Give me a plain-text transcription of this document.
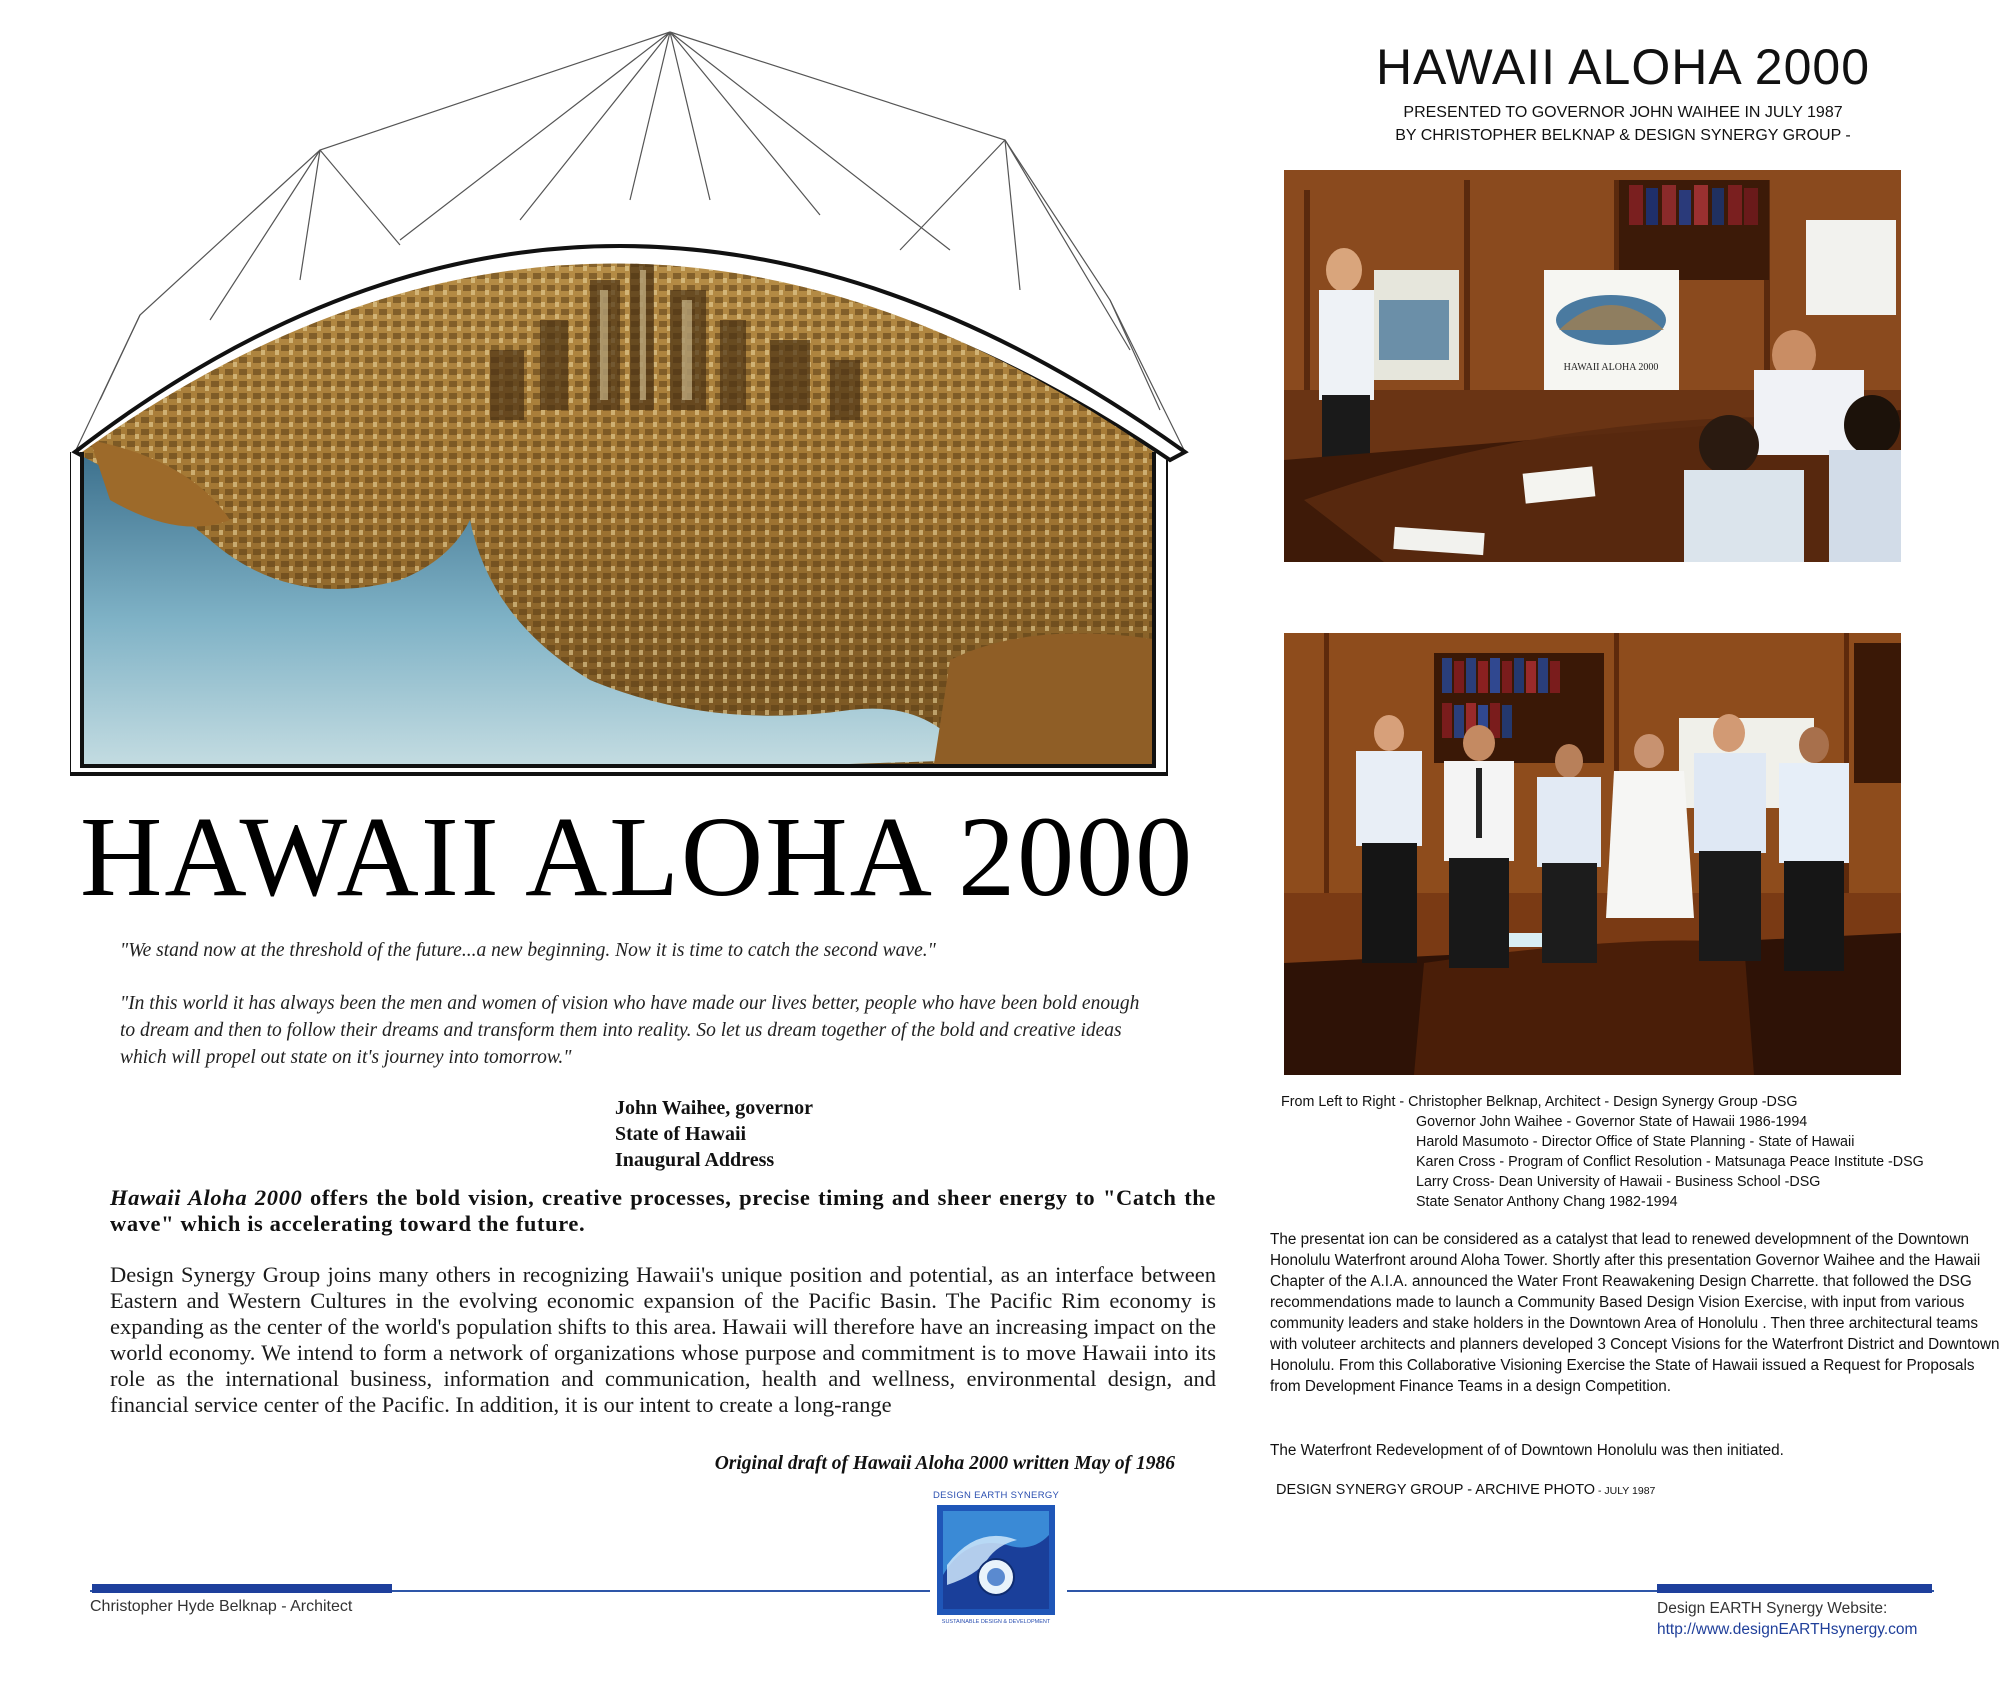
HAWAII ALOHA 2000
"We stand now at the threshold of the future...a new beginning. Now it is time to catch the second wave."
"In this world it has always been the men and women of vision who have made our lives better, people who have been bold enough to dream and then to follow their dreams and transform them into reality. So let us dream together of the bold and creative ideas which will propel out state on it's journey into tomorrow."
John Waihee, governor
State of Hawaii
Inaugural Address
Hawaii Aloha 2000 offers the bold vision, creative processes, precise timing and sheer energy to "Catch the wave" which is accelerating toward the future.
Design Synergy Group joins many others in recognizing Hawaii's unique position and potential, as an interface between Eastern and Western Cultures in the evolving economic expansion of the Pacific Basin. The Pacific Rim economy is expanding as the center of the world's population shifts to this area. Hawaii will therefore have an increasing impact on the world economy. We intend to form a network of organizations whose purpose and commitment is to move Hawaii into its role as the international business, information and communication, health and wellness, environmental design, and financial service center of the Pacific. In addition, it is our intent to create a long-range
Original draft of Hawaii Aloha 2000 written May of 1986
HAWAII ALOHA 2000
PRESENTED TO GOVERNOR JOHN WAIHEE IN JULY 1987
BY CHRISTOPHER BELKNAP & DESIGN SYNERGY GROUP -
HAWAII ALOHA 2000
From Left to Right - Christopher Belknap, Architect - Design Synergy Group -DSG
Governor John Waihee - Governor State of Hawaii 1986-1994
Harold Masumoto - Director Office of State Planning - State of Hawaii
Karen Cross - Program of Conflict Resolution - Matsunaga Peace Institute -DSG
Larry Cross- Dean University of Hawaii - Business School -DSG
State Senator Anthony Chang 1982-1994
The presentat ion can be considered as a catalyst that lead to renewed developmnent of the Downtown Honolulu Waterfront around Aloha Tower. Shortly after this presentation Governor Waihee and the Hawaii Chapter of the A.I.A. announced the Water Front Reawakening Design Charrette. that followed the DSG recommendations made to launch a Community Based Design Vision Exercise, with input from various community leaders and stake holders in the Downtown Area of Honolulu . Then three architectural teams with voluteer architects and planners developed 3 Concept Visions for the Waterfront District and Downtown Honolulu. From this Collaborative Visioning Exercise the State of Hawaii issued a Request for Proposals from Development Finance Teams in a design Competition.
The Waterfront Redevelopment of of Downtown Honolulu was then initiated.
DESIGN SYNERGY GROUP - ARCHIVE PHOTO - JULY 1987
Christopher Hyde Belknap - Architect
DESIGN EARTH SYNERGY
SUSTAINABLE DESIGN & DEVELOPMENT
Design EARTH Synergy Website:
http://www.designEARTHsynergy.com
